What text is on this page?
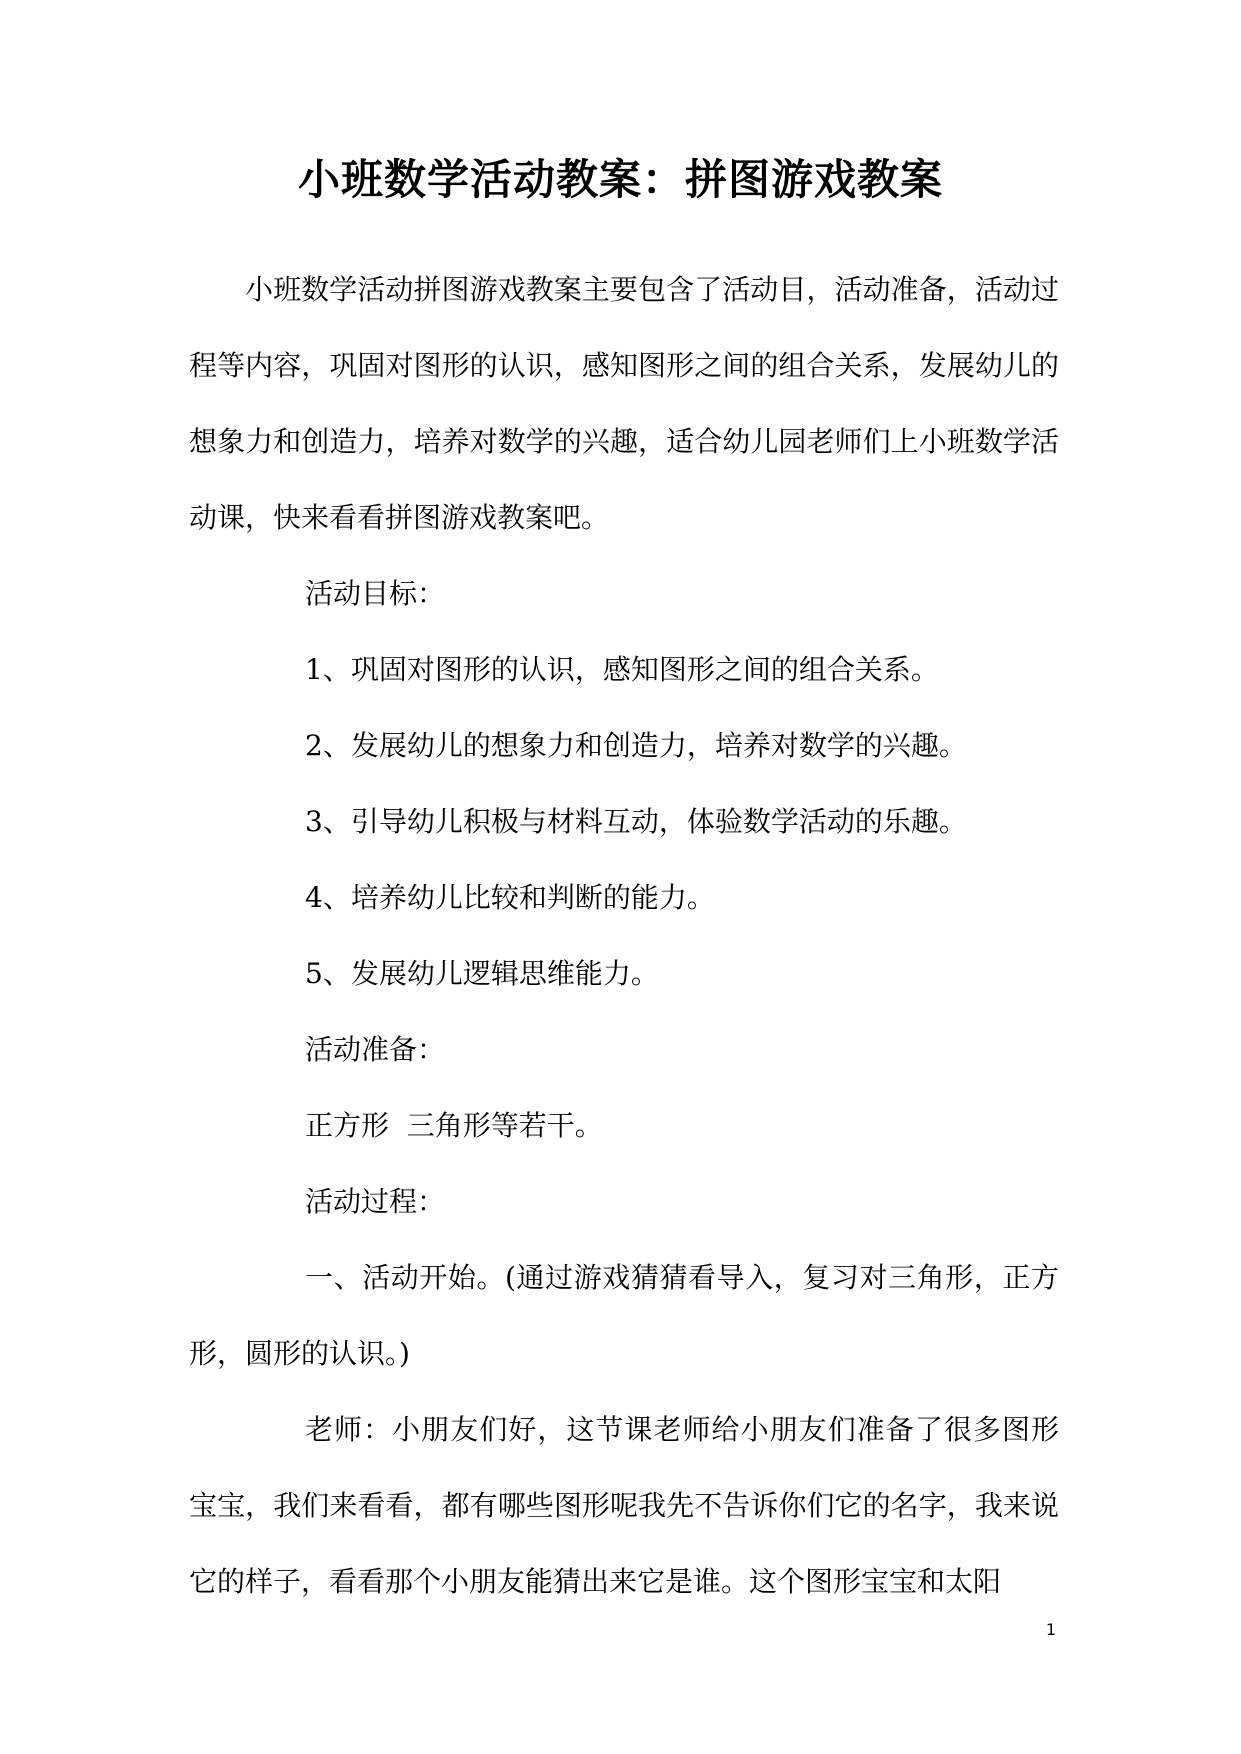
小班数学活动教案：拼图游戏教案

小班数学活动拼图游戏教案主要包含了活动目，活动准备，活动过程等内容，巩固对图形的认识，感知图形之间的组合关系，发展幼儿的想象力和创造力，培养对数学的兴趣，适合幼儿园老师们上小班数学活动课，快来看看拼图游戏教案吧。

活动目标：

1、巩固对图形的认识，感知图形之间的组合关系。

2、发展幼儿的想象力和创造力，培养对数学的兴趣。

3、引导幼儿积极与材料互动，体验数学活动的乐趣。

4、培养幼儿比较和判断的能力。

5、发展幼儿逻辑思维能力。

活动准备：

正方形  三角形等若干。

活动过程：

一、活动开始。(通过游戏猜猜看导入，复习对三角形，正方形，圆形的认识。)

老师：小朋友们好，这节课老师给小朋友们准备了很多图形宝宝，我们来看看，都有哪些图形呢我先不告诉你们它的名字，我来说它的样子，看看那个小朋友能猜出来它是谁。这个图形宝宝和太阳

1
